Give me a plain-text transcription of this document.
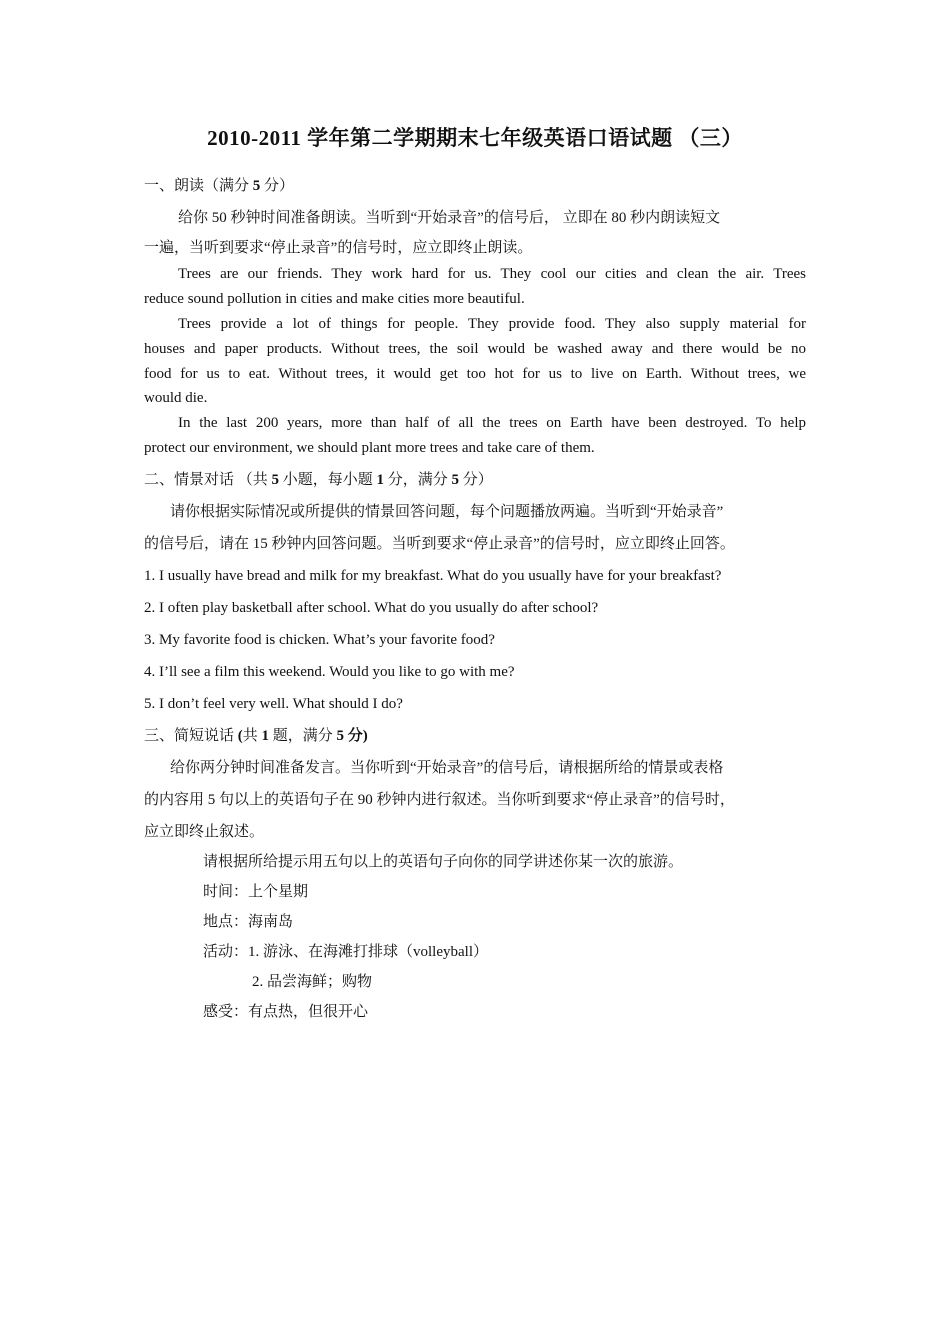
2010-2011 学年第二学期期末七年级英语口语试题 （三）
一、朗读（满分 5 分）
给你 50 秒钟时间准备朗读。当听到“开始录音”的信号后， 立即在 80 秒内朗读短文
一遍，当听到要求“停止录音”的信号时，应立即终止朗读。
Trees are our friends. They work hard for us. They cool our cities and clean the air. Trees
reduce sound pollution in cities and make cities more beautiful.
Trees provide a lot of things for people. They provide food. They also supply material for
houses and paper products. Without trees, the soil would be washed away and there would be no
food for us to eat. Without trees, it would get too hot for us to live on Earth. Without trees, we
would die.
In the last 200 years, more than half of all the trees on Earth have been destroyed. To help
protect our environment, we should plant more trees and take care of them.
二、情景对话 （共 5 小题，每小题 1 分，满分 5 分）
请你根据实际情况或所提供的情景回答问题，每个问题播放两遍。当听到“开始录音”
的信号后，请在 15 秒钟内回答问题。当听到要求“停止录音”的信号时，应立即终止回答。
1. I usually have bread and milk for my breakfast. What do you usually have for your breakfast?
2. I often play basketball after school. What do you usually do after school?
3. My favorite food is chicken. What’s your favorite food?
4. I’ll see a film this weekend. Would you like to go with me?
5. I don’t feel very well. What should I do?
三、简短说话 (共 1 题，满分 5 分)
给你两分钟时间准备发言。当你听到“开始录音”的信号后，请根据所给的情景或表格
的内容用 5 句以上的英语句子在 90 秒钟内进行叙述。当你听到要求“停止录音”的信号时，
应立即终止叙述。
请根据所给提示用五句以上的英语句子向你的同学讲述你某一次的旅游。
时间：上个星期
地点：海南岛
活动：1. 游泳、在海滩打排球（volleyball）
2. 品尝海鲜；购物
感受：有点热，但很开心
